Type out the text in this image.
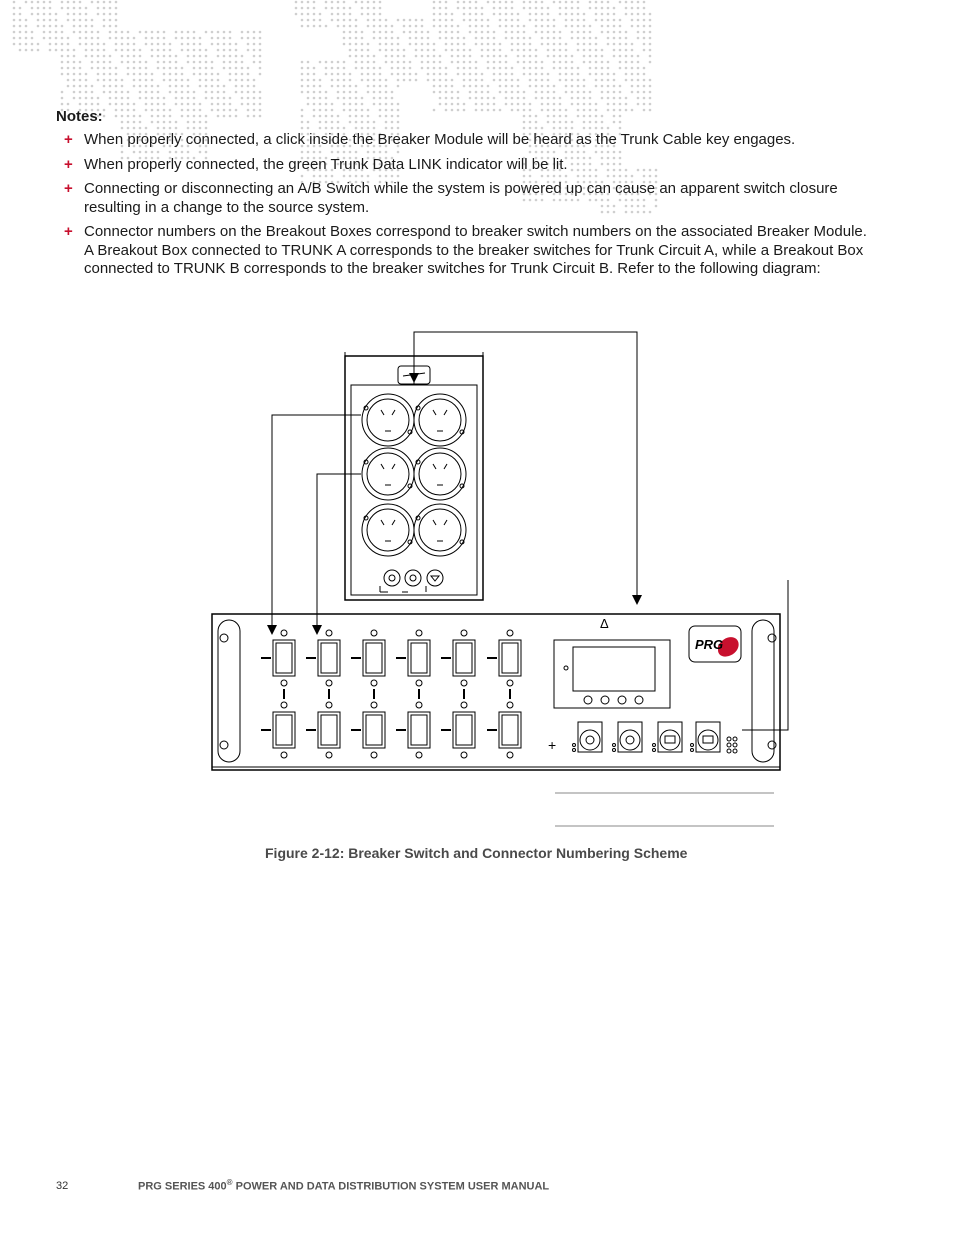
Notes:
+ When properly connected, a click inside the Breaker Module will be heard as the Trunk Cable key engages.
+ When properly connected, the green Trunk Data LINK indicator will be lit.
+ Connecting or disconnecting an A/B Switch while the system is powered up can cause an apparent switch closure resulting in a change to the source system.
+ Connector numbers on the Breakout Boxes correspond to breaker switch numbers on the associated Breaker Module. A Breakout Box connected to TRUNK A corresponds to the breaker switches for Trunk Circuit A, while a Breakout Box connected to TRUNK B corresponds to the breaker switches for Trunk Circuit B. Refer to the following diagram:
Δ
PRG
+

Figure 2-12: Breaker Switch and Connector Numbering Scheme

32	PRG SERIES 400® POWER AND DATA DISTRIBUTION SYSTEM USER MANUAL
